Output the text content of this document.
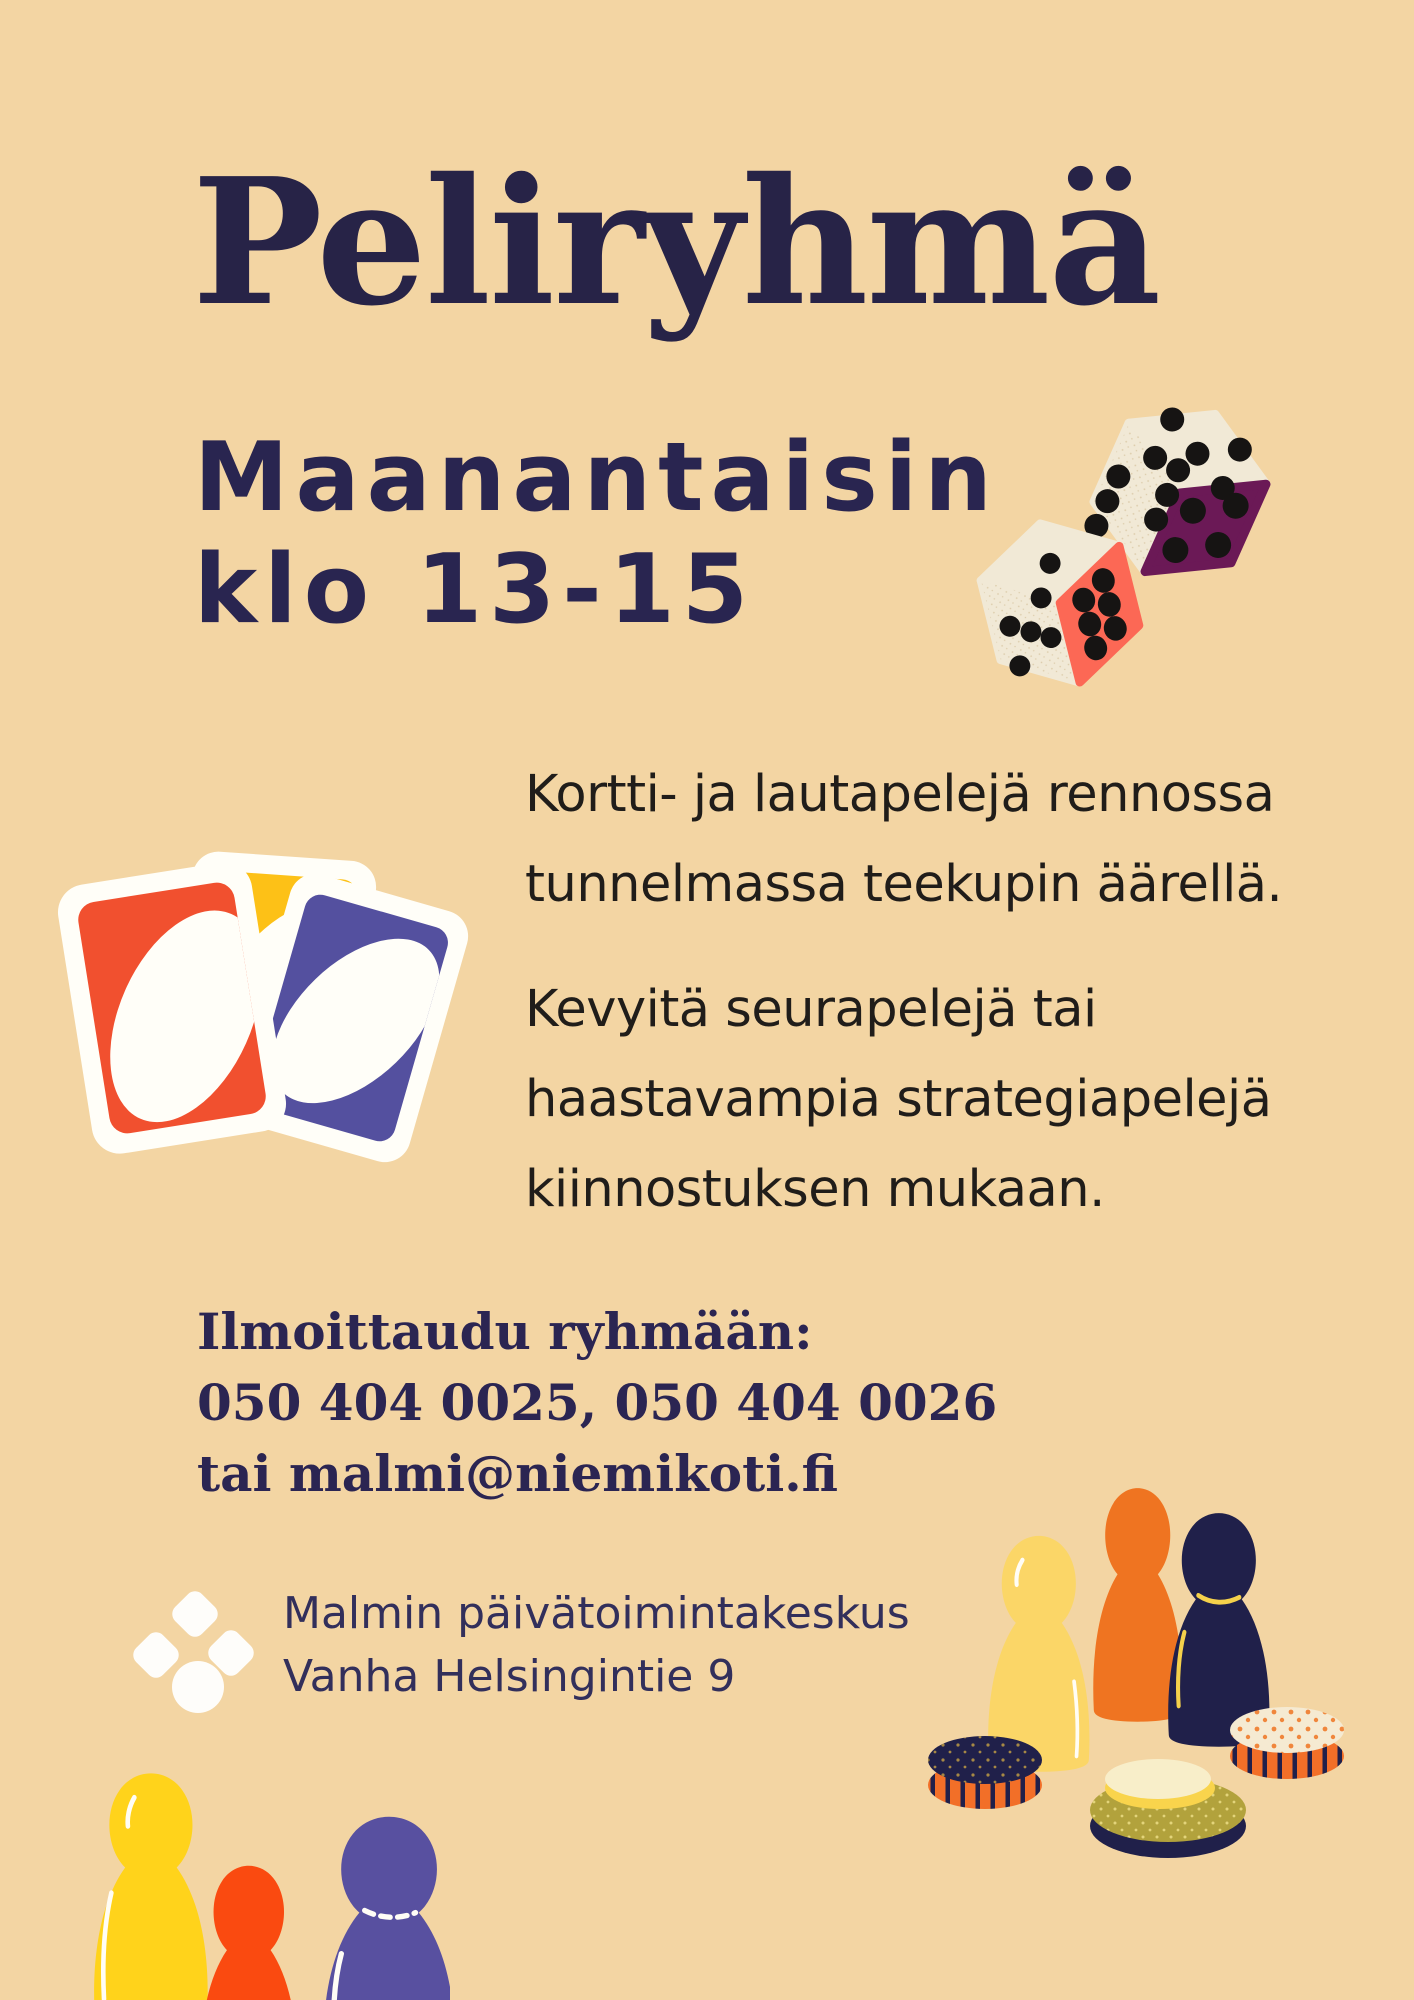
Peliryhmä
Maanantaisin
klo 13-15
Kortti- ja lautapelejä rennossa
tunnelmassa teekupin äärellä.
Kevyitä seurapelejä tai
haastavampia strategiapelejä
kiinnostuksen mukaan.
Ilmoittaudu ryhmään:
050 404 0025, 050 404 0026
tai malmi@niemikoti.fi
Malmin päivätoimintakeskus
Vanha Helsingintie 9
